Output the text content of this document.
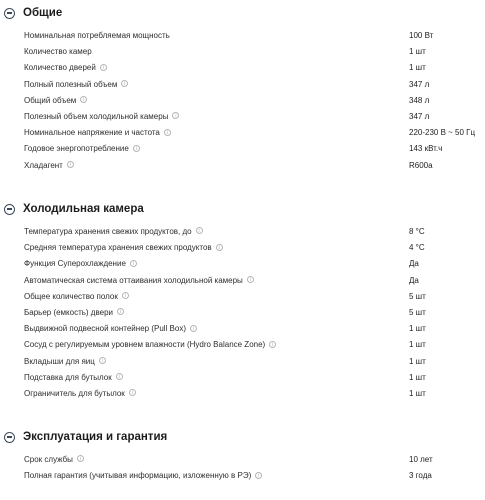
Общие
Номинальная потребляемая мощность	100 Вт
Количество камер	1 шт
Количество дверей i	1 шт
Полный полезный объем i	347 л
Общий объем i	348 л
Полезный объем холодильной камеры i	347 л
Номинальное напряжение и частота i	220-230 В ~ 50 Гц
Годовое энергопотребление i	143 кВт.ч
Хладагент i	R600a
Холодильная камера
Температура хранения свежих продуктов, до i	8 °C
Средняя температура хранения свежих продуктов i	4 °C
Функция Суперохлаждение i	Да
Автоматическая система оттаивания холодильной камеры i	Да
Общее количество полок i	5 шт
Барьер (емкость) двери i	5 шт
Выдвижной подвесной контейнер (Pull Box) i	1 шт
Сосуд с регулируемым уровнем влажности (Hydro Balance Zone) i	1 шт
Вкладыши для яиц i	1 шт
Подставка для бутылок i	1 шт
Ограничитель для бутылок i	1 шт
Эксплуатация и гарантия
Срок службы i	10 лет
Полная гарантия (учитывая информацию, изложенную в РЭ) i	3 года
